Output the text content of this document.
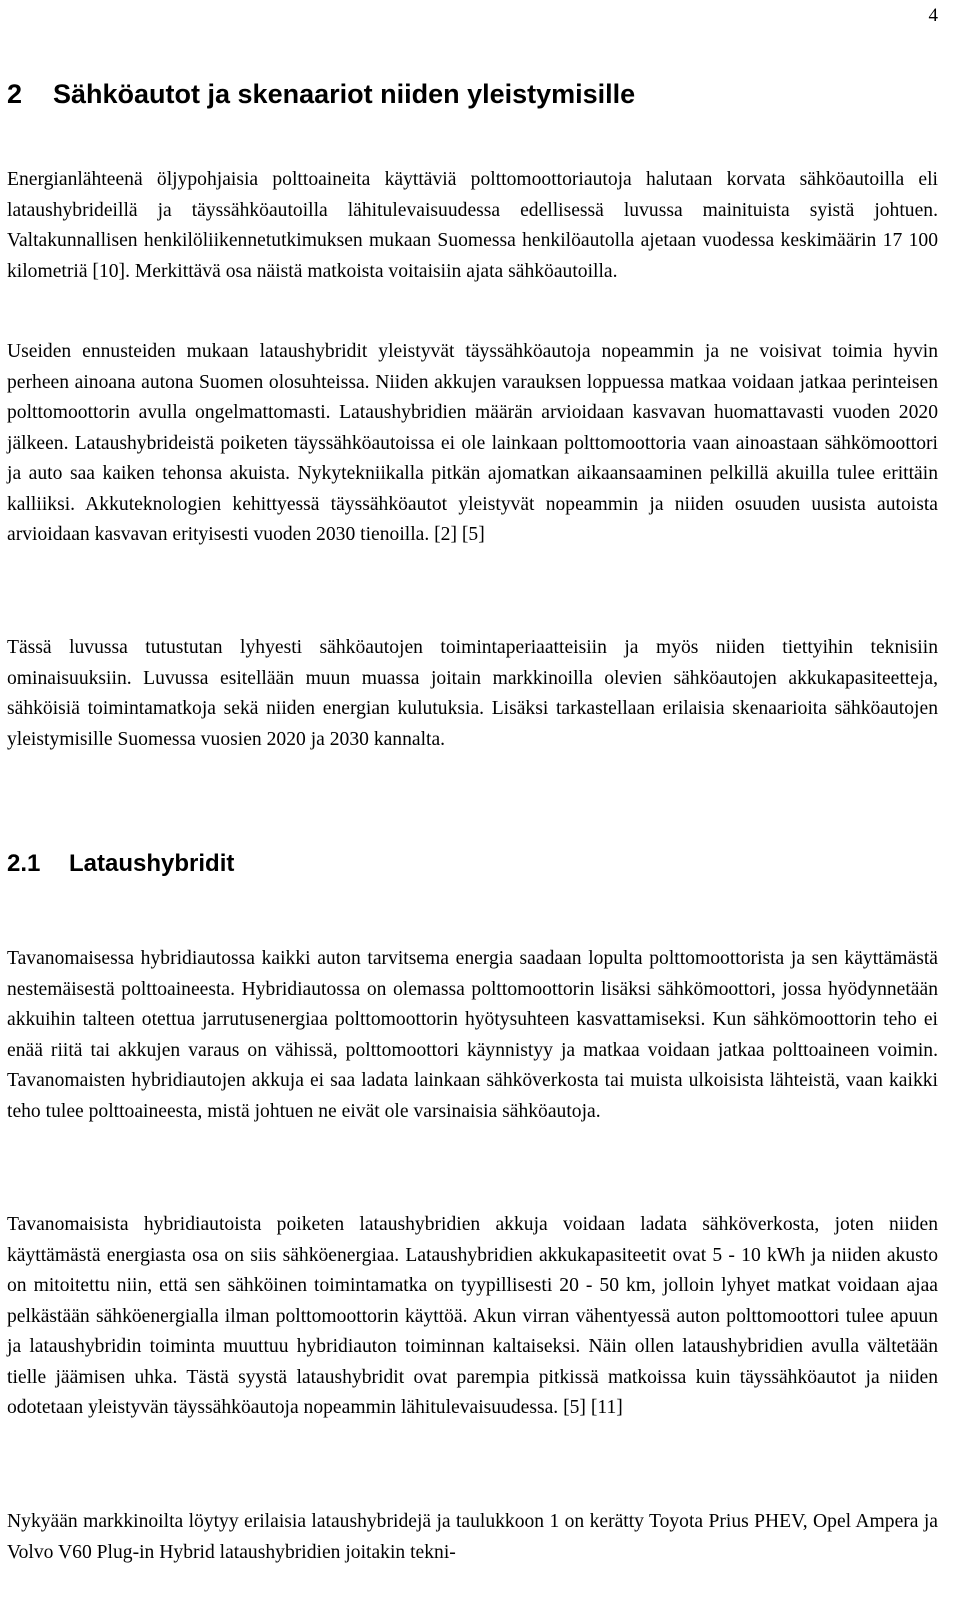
4
2 Sähköautot ja skenaariot niiden yleistymisille

Energianlähteenä öljypohjaisia polttoaineita käyttäviä polttomoottoriautoja halutaan korvata sähköautoilla eli lataushybrideillä ja täyssähköautoilla lähitulevaisuudessa edellisessä luvussa mainituista syistä johtuen. Valtakunnallisen henkilöliikennetutkimuksen mukaan Suomessa henkilöautolla ajetaan vuodessa keskimäärin 17 100 kilometriä [10]. Merkittävä osa näistä matkoista voitaisiin ajata sähköautoilla.

Useiden ennusteiden mukaan lataushybridit yleistyvät täyssähköautoja nopeammin ja ne voisivat toimia hyvin perheen ainoana autona Suomen olosuhteissa. Niiden akkujen varauksen loppuessa matkaa voidaan jatkaa perinteisen polttomoottorin avulla ongelmattomasti. Lataushybridien määrän arvioidaan kasvavan huomattavasti vuoden 2020 jälkeen. Lataushybrideistä poiketen täyssähköautoissa ei ole lainkaan polttomoottoria vaan ainoastaan sähkömoottori ja auto saa kaiken tehonsa akuista. Nykytekniikalla pitkän ajomatkan aikaansaaminen pelkillä akuilla tulee erittäin kalliiksi. Akkuteknologien kehittyessä täyssähköautot yleistyvät nopeammin ja niiden osuuden uusista autoista arvioidaan kasvavan erityisesti vuoden 2030 tienoilla. [2] [5]

Tässä luvussa tutustutan lyhyesti sähköautojen toimintaperiaatteisiin ja myös niiden tiettyihin teknisiin ominaisuuksiin. Luvussa esitellään muun muassa joitain markkinoilla olevien sähköautojen akkukapasiteetteja, sähköisiä toimintamatkoja sekä niiden energian kulutuksia. Lisäksi tarkastellaan erilaisia skenaarioita sähköautojen yleistymisille Suomessa vuosien 2020 ja 2030 kannalta.

2.1 Lataushybridit

Tavanomaisessa hybridiautossa kaikki auton tarvitsema energia saadaan lopulta polttomoottorista ja sen käyttämästä nestemäisestä polttoaineesta. Hybridiautossa on olemassa polttomoottorin lisäksi sähkömoottori, jossa hyödynnetään akkuihin talteen otettua jarrutusenergiaa polttomoottorin hyötysuhteen kasvattamiseksi. Kun sähkömoottorin teho ei enää riitä tai akkujen varaus on vähissä, polttomoottori käynnistyy ja matkaa voidaan jatkaa polttoaineen voimin. Tavanomaisten hybridiautojen akkuja ei saa ladata lainkaan sähköverkosta tai muista ulkoisista lähteistä, vaan kaikki teho tulee polttoaineesta, mistä johtuen ne eivät ole varsinaisia sähköautoja.

Tavanomaisista hybridiautoista poiketen lataushybridien akkuja voidaan ladata sähköverkosta, joten niiden käyttämästä energiasta osa on siis sähköenergiaa. Lataushybridien akkukapasiteetit ovat 5 - 10 kWh ja niiden akusto on mitoitettu niin, että sen sähköinen toimintamatka on tyypillisesti 20 - 50 km, jolloin lyhyet matkat voidaan ajaa pelkästään sähköenergialla ilman polttomoottorin käyttöä. Akun virran vähentyessä auton polttomoottori tulee apuun ja lataushybridin toiminta muuttuu hybridiauton toiminnan kaltaiseksi. Näin ollen lataushybridien avulla vältetään tielle jäämisen uhka. Tästä syystä lataushybridit ovat parempia pitkissä matkoissa kuin täyssähköautot ja niiden odotetaan yleistyvän täyssähköautoja nopeammin lähitulevaisuudessa. [5] [11]

Nykyään markkinoilta löytyy erilaisia lataushybridejä ja taulukkoon 1 on kerätty Toyota Prius PHEV, Opel Ampera ja Volvo V60 Plug-in Hybrid lataushybridien joitakin tekni-
